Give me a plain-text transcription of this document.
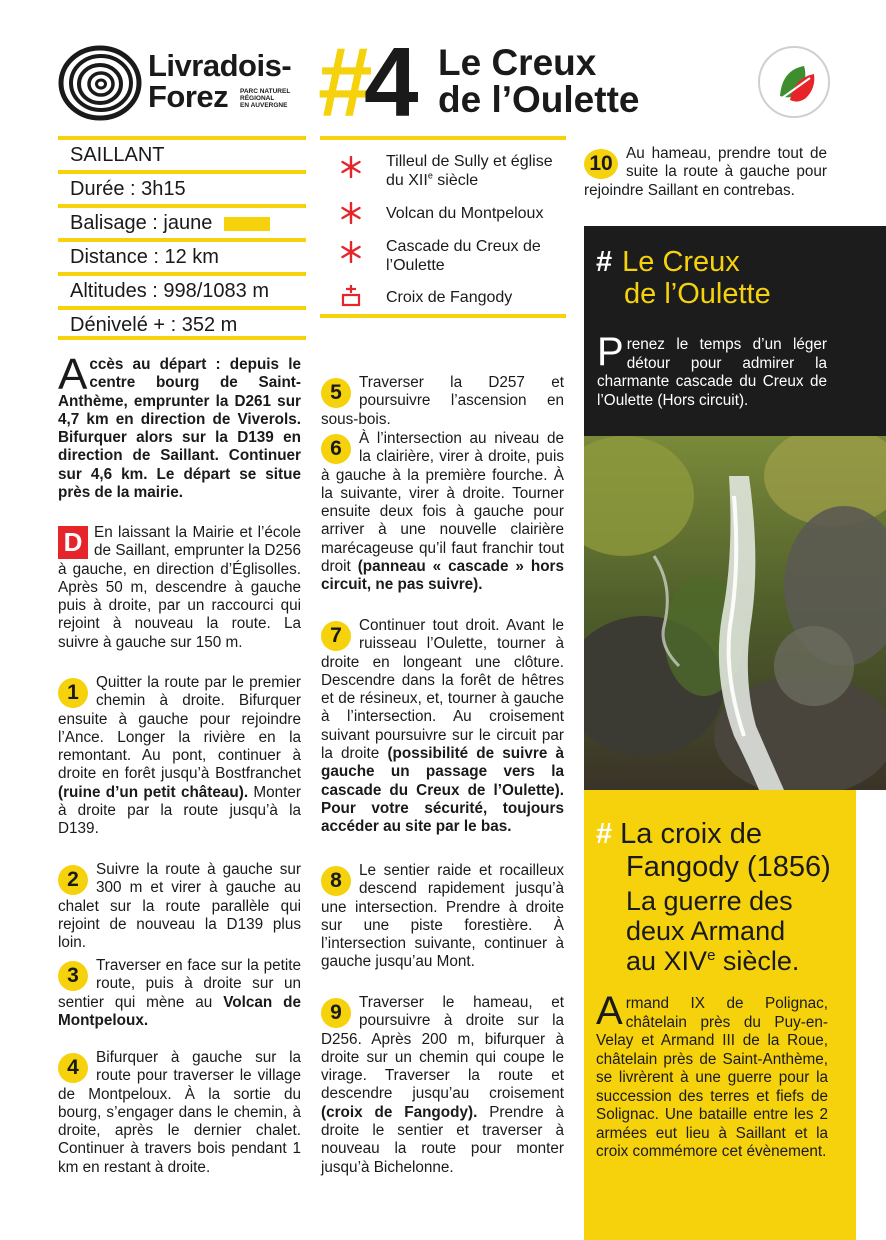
Livradois-
Forez	PARC NATUREL
RÉGIONAL
EN AUVERGNE #
4 Le Creux
de l’Oulette
SAILLANT
Durée : 3h15
Balisage : jaune
Distance : 12 km
Altitudes : 998/1083 m
Dénivelé + : 352 m
Tilleul de Sully et église du XIIe siècle
Volcan du Montpeloux
Cascade du Creux de l’Oulette
Croix de Fangody
Accès au départ : depuis le centre bourg de Saint-Anthème, emprunter la D261 sur 4,7 km en direction de Viverols. Bifurquer alors sur la D139 en direction de Saillant. Continuer sur 4,6 km. Le départ se situe près de la mairie.
D En laissant la Mairie et l’école de Saillant, emprunter la D256 à gauche, en direction d’Églisolles. Après 50 m, descendre à gauche puis à droite, par un raccourci qui rejoint à nouveau la route. La suivre à gauche sur 150 m.
1	Quitter la route par le premier chemin à droite. Bifurquer ensuite à gauche pour rejoindre l’Ance. Longer la rivière en la remontant. Au pont, continuer à droite en forêt jusqu’à Bostfranchet (ruine d’un petit château). Monter à droite par la route jusqu’à la D139.
2	Suivre la route à gauche sur 300 m et virer à gauche au chalet sur la route parallèle qui rejoint de nouveau la D139 plus loin.
3	Traverser en face sur la petite route, puis à droite sur un sentier qui mène au Volcan de Montpeloux.
4	Bifurquer à gauche sur la route pour traverser le village de Montpeloux. À la sortie du bourg, s’engager dans le chemin, à droite, après le dernier chalet. Continuer à travers bois pendant 1 km en restant à droite.
5	Traverser la D257 et poursuivre l’ascension en sous-bois.
6	À l’intersection au niveau de la clairière, virer à droite, puis à gauche à la première fourche. À la suivante, virer à droite. Tourner ensuite deux fois à gauche pour arriver à une nouvelle clairière marécageuse qu’il faut franchir tout droit (panneau « cascade » hors circuit, ne pas suivre).
7	Continuer tout droit. Avant le ruisseau l’Oulette, tourner à droite en longeant une clôture. Descendre dans la forêt de hêtres et de résineux, et, tourner à gauche à l’intersection. Au croisement suivant poursuivre sur le circuit par la droite (possibilité de suivre à gauche un passage vers la cascade du Creux de l’Oulette). Pour votre sécurité, toujours accéder au site par le bas.
8	Le sentier raide et rocailleux descend rapidement jusqu’à une intersection. Prendre à droite sur une piste forestière. À l’intersection suivante, continuer à gauche jusqu’au Mont.
9	Traverser le hameau, et poursuivre à droite sur la D256. Après 200 m, bifurquer à droite sur un chemin qui coupe le virage. Traverser la route et descendre jusqu’au croisement (croix de Fangody). Prendre à droite le sentier et traverser à nouveau la route pour monter jusqu’à Bichelonne.
10 Au hameau, prendre tout de suite la route à gauche pour rejoindre Saillant en contrebas.
# Le Creux
de l’Oulette
Prenez le temps d’un léger détour pour admirer la charmante cascade du Creux de l’Oulette (Hors circuit).
# La croix de
Fangody (1856)
La guerre des
deux Armand
au XIVe siècle.
Armand IX de Polignac, châtelain près du Puy-en-Velay et Armand III de la Roue, châtelain près de Saint-Anthème, se livrèrent à une guerre pour la succession des terres et fiefs de Solignac. Une bataille entre les 2 armées eut lieu à Saillant et la croix commémore cet évènement.
